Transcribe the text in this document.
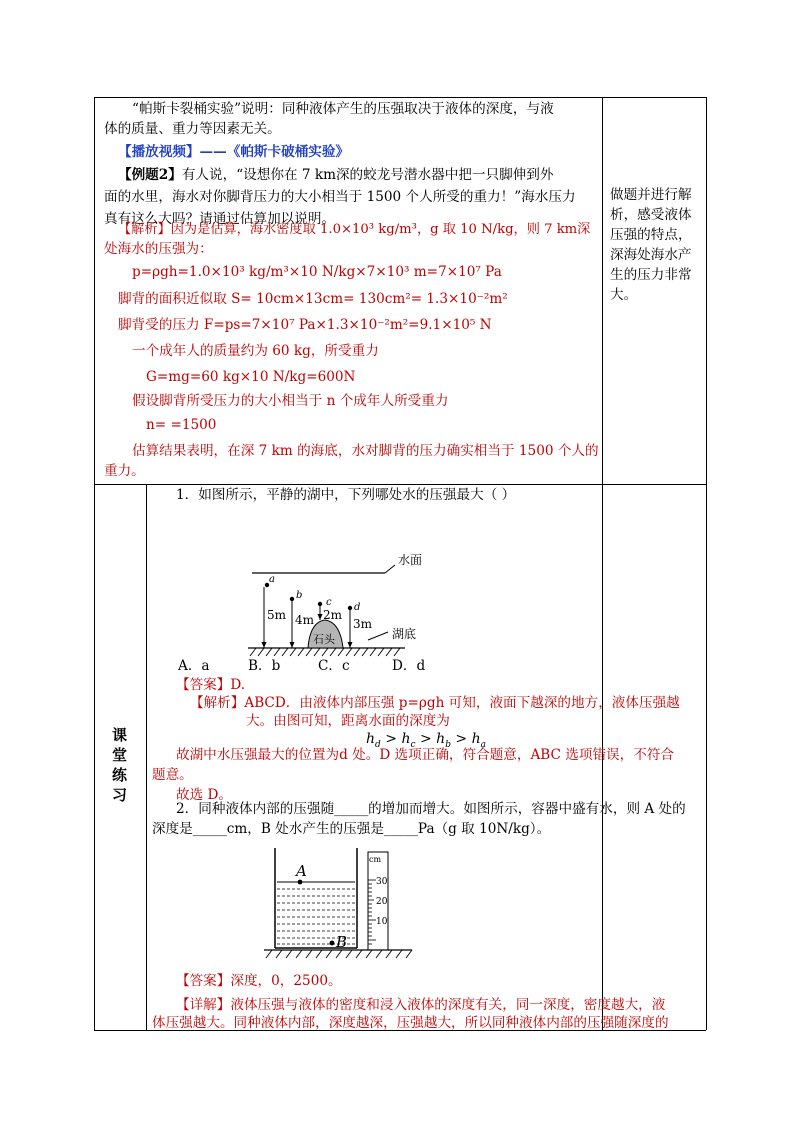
“帕斯卡裂桶实验”说明：同种液体产生的压强取决于液体的深度，与液
体的质量、重力等因素无关。
【播放视频】——《帕斯卡破桶实验》
【例题2】有人说，“设想你在 7 km深的蛟龙号潜水器中把一只脚伸到外
面的水里，海水对你脚背压力的大小相当于 1500 个人所受的重力！”海水压力
真有这么大吗？请通过估算加以说明。
【解析】因为是估算，海水密度取 1.0×10³ kg/m³，g 取 10 N/kg，则 7 km深
处海水的压强为：
p=ρgh=1.0×10³ kg/m³×10 N/kg×7×10³ m=7×10⁷ Pa
脚背的面积近似取 S= 10cm×13cm= 130cm²= 1.3×10⁻²m²
脚背受的压力 F=ps=7×10⁷ Pa×1.3×10⁻²m²=9.1×10⁵ N
一个成年人的质量约为 60 kg，所受重力
G=mg=60 kg×10 N/kg=600N
假设脚背所受压力的大小相当于 n 个成年人所受重力
n= =1500
估算结果表明，在深 7 km 的海底，水对脚背的压力确实相当于 1500 个人的
重力。
做题并进行解
析，感受液体
压强的特点，
深海处海水产
生的压力非常
大。
课
堂
练
习
1．如图所示，平静的湖中，下列哪处水的压强最大（ ）
水面
湖底
石头
a
5m
b
4m
c
2m
d
3m
A．a	B．b	C．c	D．d
【答案】D.
【解析】ABCD．由液体内部压强 p=ρgh 可知，液面下越深的地方，液体压强越
大。由图可知，距离水面的深度为
$h_d > h_c > h_b > h_a$
故湖中水压强最大的位置为d 处。D 选项正确，符合题意，ABC 选项错误，不符合
题意。
故选 D。
2．同种液体内部的压强随_____的增加而增大。如图所示，容器中盛有水，则 A 处的
深度是_____cm，B 处水产生的压强是_____Pa（g 取 10N/kg）。
A
B
cm
30
20
10
【答案】深度，0，2500。
【详解】液体压强与液体的密度和浸入液体的深度有关，同一深度，密度越大，液
体压强越大。同种液体内部，深度越深，压强越大，所以同种液体内部的压强随深度的
